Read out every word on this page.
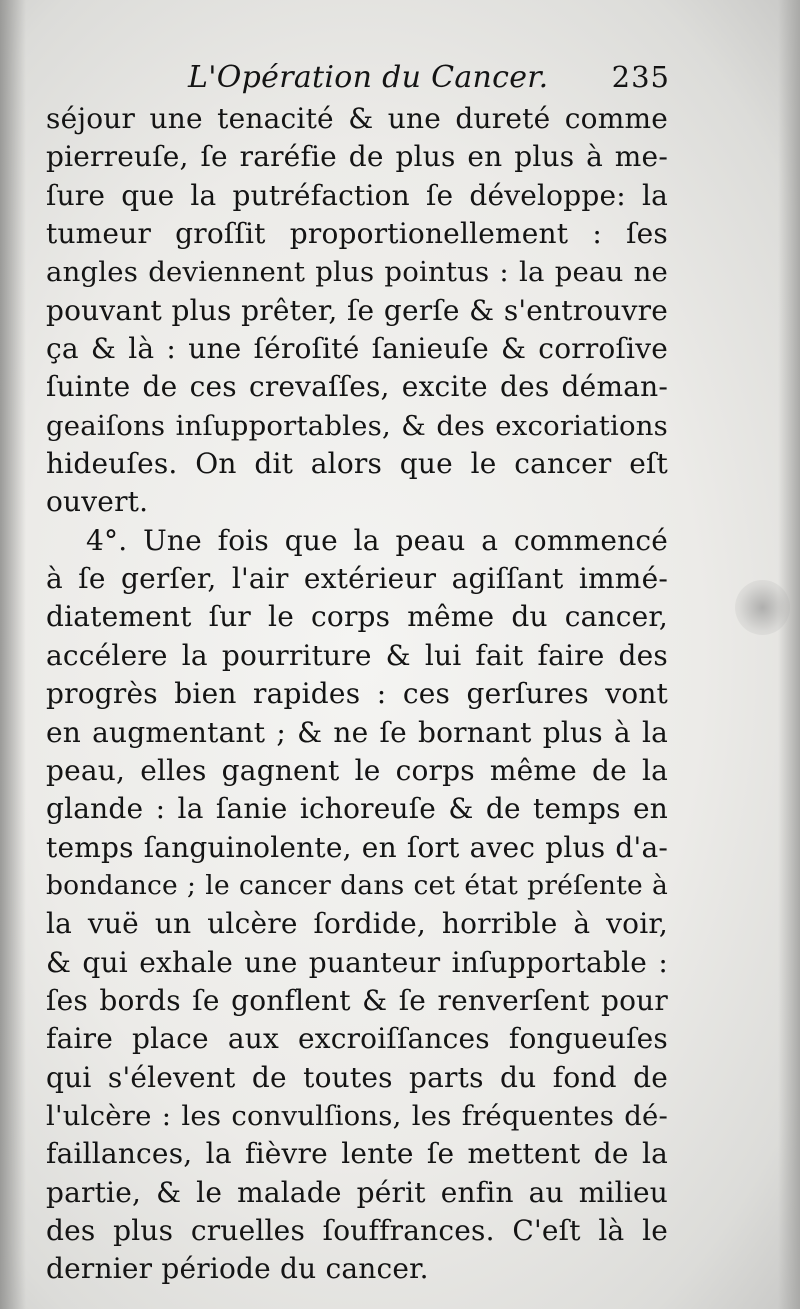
L'Opération du Cancer. 235
séjour une tenacité & une dureté comme
pierreuſe, ſe raréfie de plus en plus à me-
ſure que la putréfaction ſe développe: la
tumeur groſſit proportionellement : ſes
angles deviennent plus pointus : la peau ne
pouvant plus prêter, ſe gerſe & s'entrouvre
ça & là : une ſéroſité ſanieuſe & corroſive
ſuinte de ces crevaſſes, excite des déman-
geaiſons inſupportables, & des excoriations
hideuſes. On dit alors que le cancer eſt
ouvert.
4°. Une fois que la peau a commencé
à ſe gerſer, l'air extérieur agiſſant immé-
diatement ſur le corps même du cancer,
accélere la pourriture & lui fait faire des
progrès bien rapides : ces gerſures vont
en augmentant ; & ne ſe bornant plus à la
peau, elles gagnent le corps même de la
glande : la ſanie ichoreuſe & de temps en
temps ſanguinolente, en ſort avec plus d'a-
bondance ; le cancer dans cet état préſente à
la vuë un ulcère ſordide, horrible à voir,
& qui exhale une puanteur inſupportable :
ſes bords ſe gonflent & ſe renverſent pour
faire place aux excroiſſances fongueuſes
qui s'élevent de toutes parts du fond de
l'ulcère : les convulſions, les fréquentes dé-
faillances, la fièvre lente ſe mettent de la
partie, & le malade périt enfin au milieu
des plus cruelles ſouffrances. C'eſt là le
dernier période du cancer.
